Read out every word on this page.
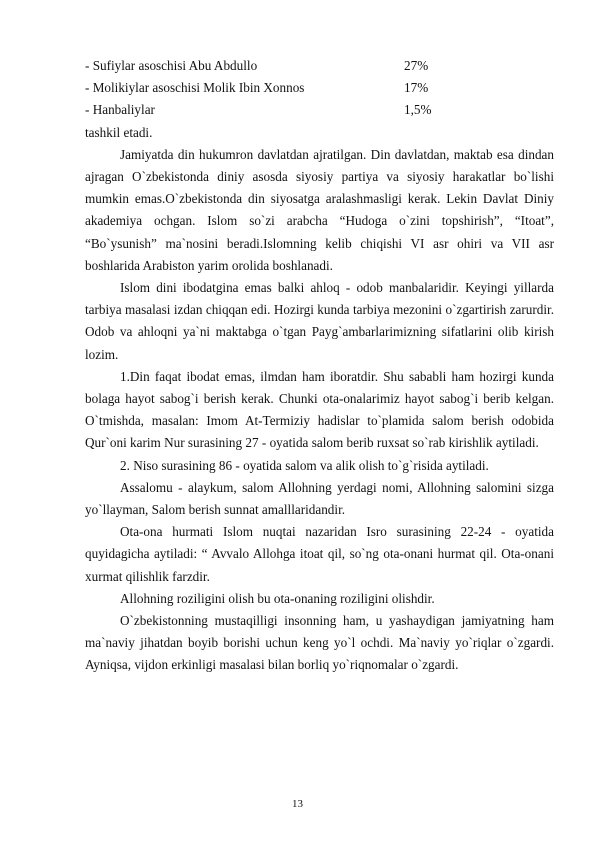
- Sufiylar asoschisi Abu Abdullo	27%
- Molikiylar asoschisi Molik Ibin Xonnos	17%
- Hanbaliylar	1,5%
tashkil etadi.

Jamiyatda din hukumron davlatdan ajratilgan. Din davlatdan, maktab esa dindan ajragan O`zbekistonda diniy asosda siyosiy partiya va siyosiy harakatlar bo`lishi mumkin emas.O`zbekistonda din siyosatga aralashmasligi kerak. Lekin Davlat Diniy akademiya ochgan. Islom so`zi arabcha “Hudoga o`zini topshirish”, “Itoat”, “Bo`ysunish” ma`nosini beradi.Islomning kelib chiqishi VI asr ohiri va VII asr boshlarida Arabiston yarim orolida boshlanadi.

Islom dini ibodatgina emas balki ahloq - odob manbalaridir. Keyingi yillarda tarbiya masalasi izdan chiqqan edi. Hozirgi kunda tarbiya mezonini o`zgartirish zarurdir. Odob va ahloqni ya`ni maktabga o`tgan Payg`ambarlarimizning sifatlarini olib kirish lozim.

1.Din faqat ibodat emas, ilmdan ham iboratdir. Shu sababli ham hozirgi kunda bolaga hayot sabog`i berish kerak. Chunki ota-onalarimiz hayot sabog`i berib kelgan. O`tmishda, masalan: Imom At-Termiziy hadislar to`plamida salom berish odobida Qur`oni karim Nur surasining 27 - oyatida salom berib ruxsat so`rab kirishlik aytiladi.

2. Niso surasining 86 - oyatida salom va alik olish to`g`risida aytiladi.

Assalomu - alaykum, salom Allohning yerdagi nomi, Allohning salomini sizga yo`llayman, Salom berish sunnat amalllaridandir.

Ota-ona hurmati Islom nuqtai nazaridan Isro surasining 22-24 - oyatida quyidagicha aytiladi: “ Avvalo Allohga itoat qil, so`ng ota-onani hurmat qil. Ota-onani xurmat qilishlik farzdir.

Allohning roziligini olish bu ota-onaning roziligini olishdir.

O`zbekistonning mustaqilligi insonning ham, u yashaydigan jamiyatning ham ma`naviy jihatdan boyib borishi uchun keng yo`l ochdi. Ma`naviy yo`riqlar o`zgardi. Ayniqsa, vijdon erkinligi masalasi bilan borliq yo`riqnomalar o`zgardi.

13
